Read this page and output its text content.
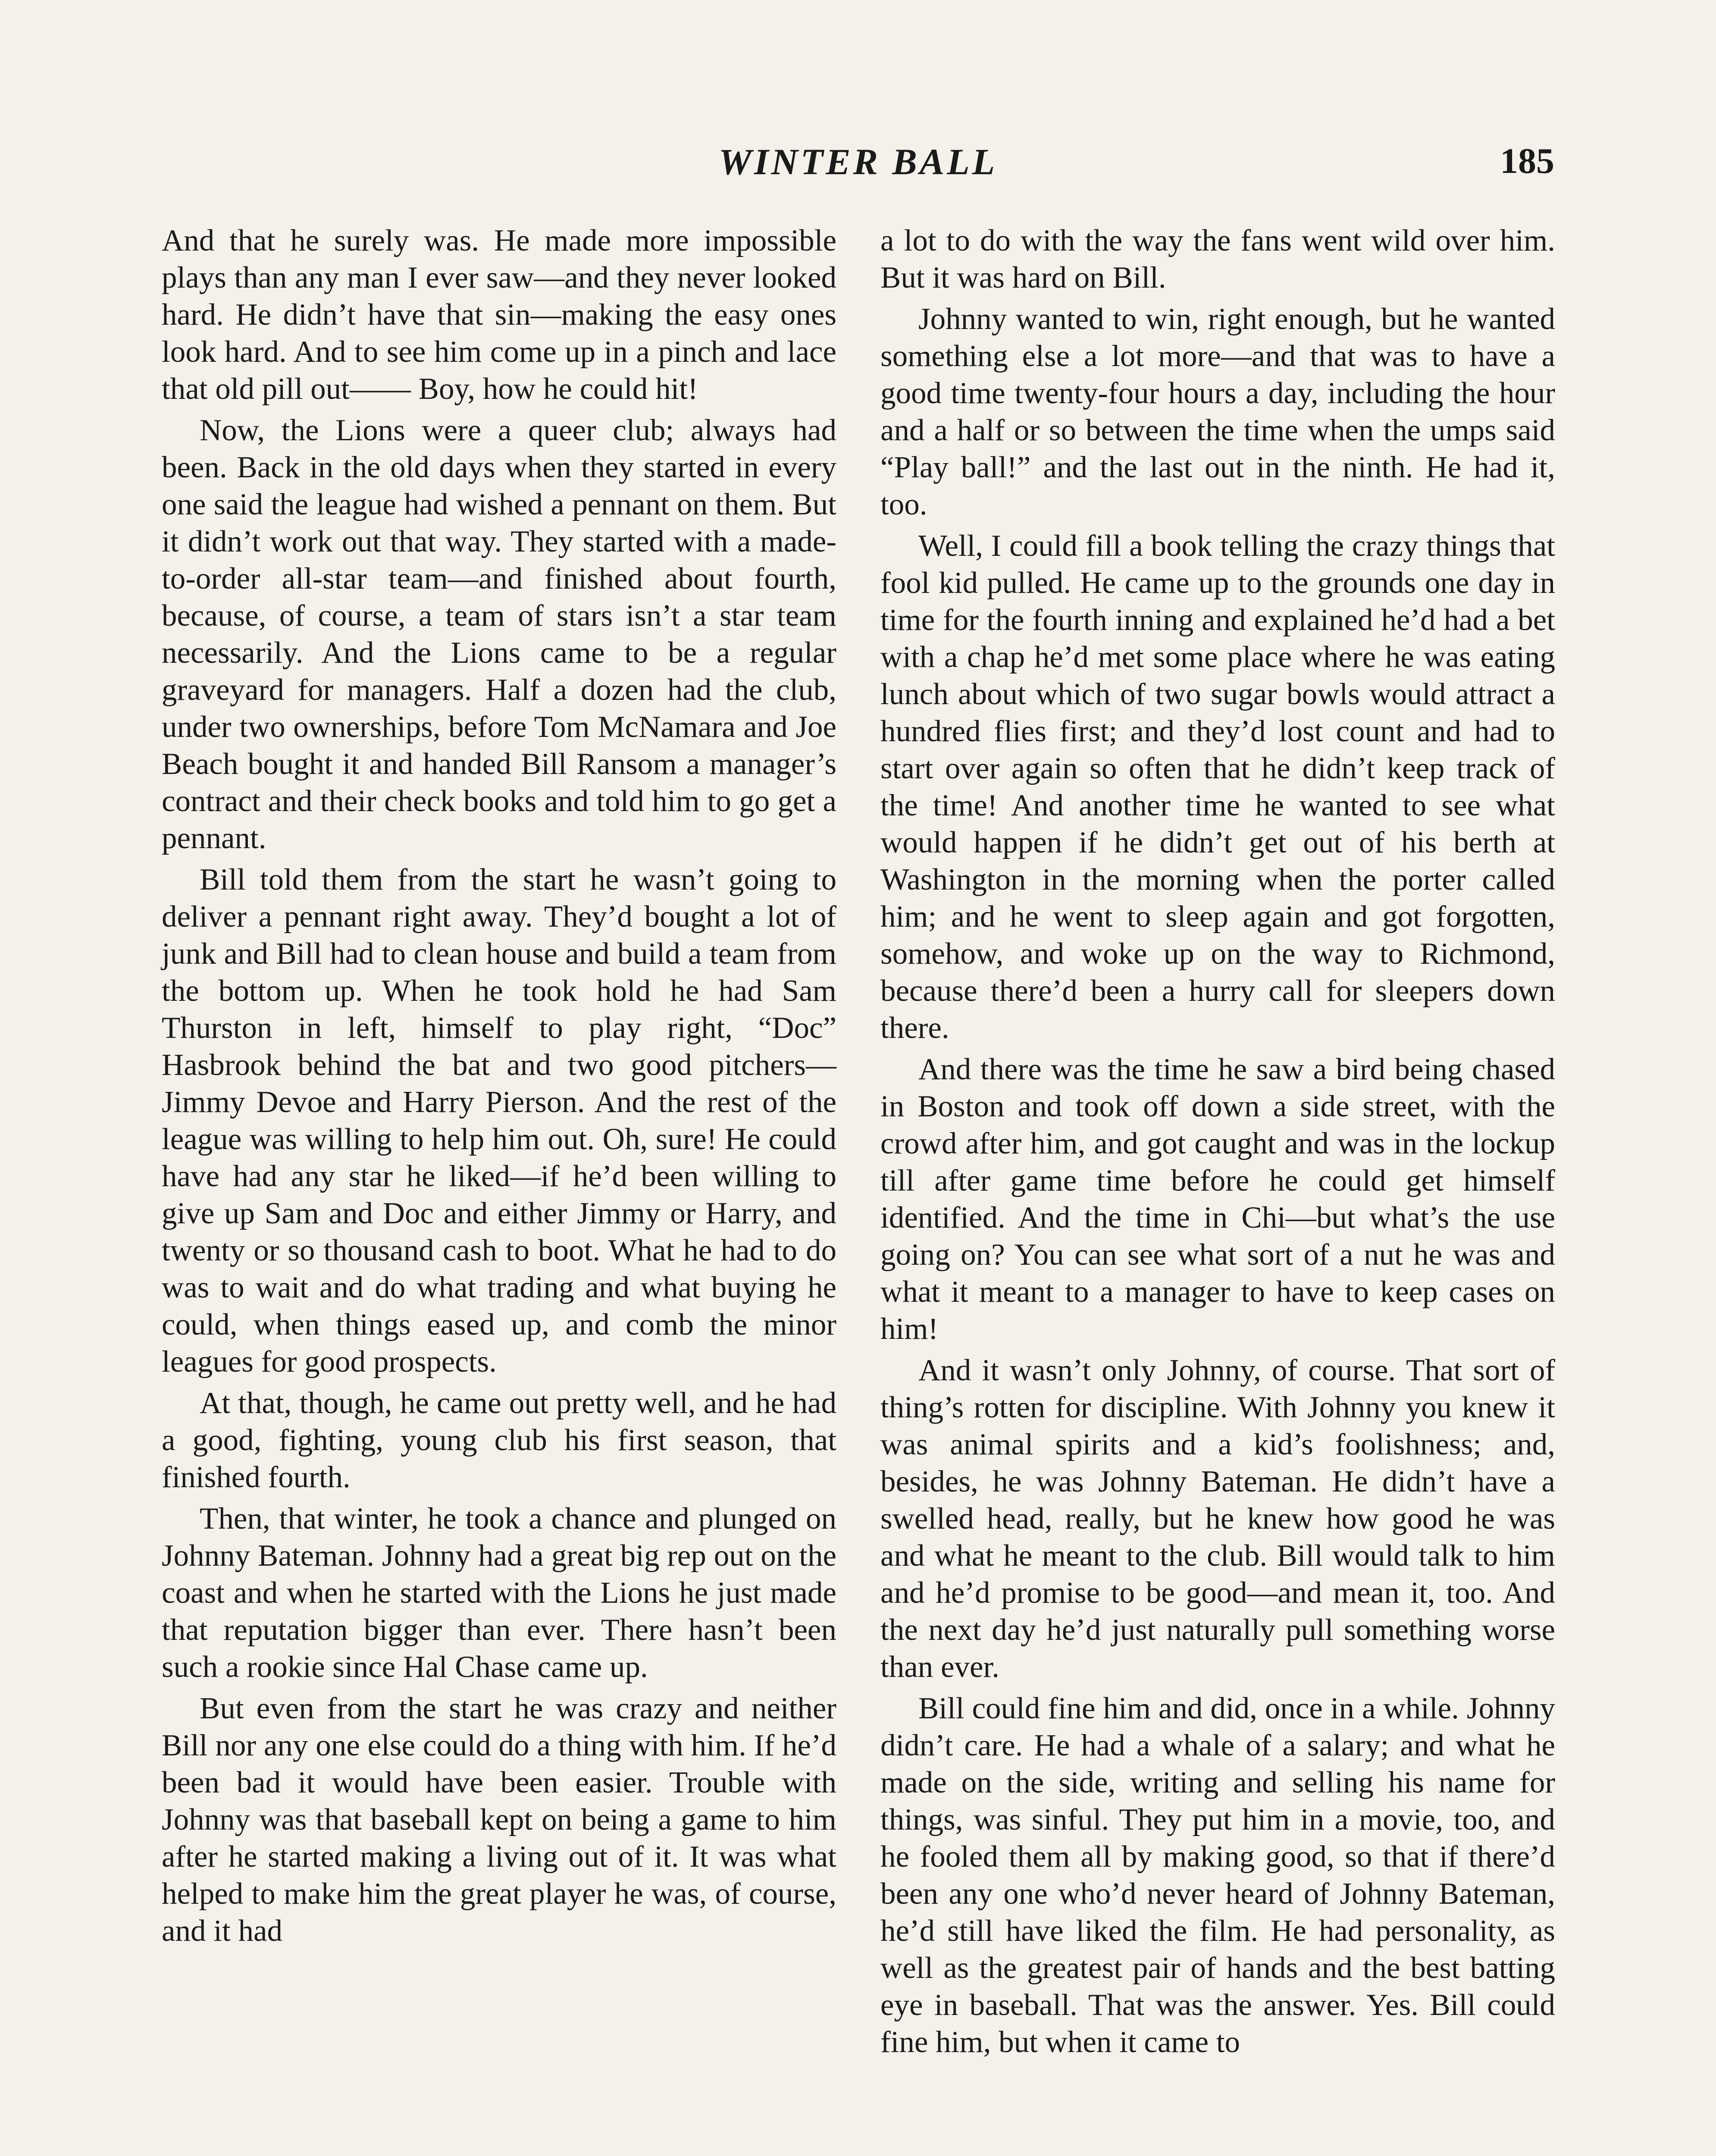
WINTER BALL	185

And that he surely was. He made more impossible plays than any man I ever saw—and they never looked hard. He didn’t have that sin—making the easy ones look hard. And to see him come up in a pinch and lace that old pill out—— Boy, how he could hit!

Now, the Lions were a queer club; always had been. Back in the old days when they started in every one said the league had wished a pennant on them. But it didn’t work out that way. They started with a made-to-order all-star team—and finished about fourth, because, of course, a team of stars isn’t a star team necessarily. And the Lions came to be a regular graveyard for managers. Half a dozen had the club, under two ownerships, before Tom McNamara and Joe Beach bought it and handed Bill Ransom a manager’s contract and their check books and told him to go get a pennant.

Bill told them from the start he wasn’t going to deliver a pennant right away. They’d bought a lot of junk and Bill had to clean house and build a team from the bottom up. When he took hold he had Sam Thurston in left, himself to play right, “Doc” Hasbrook behind the bat and two good pitchers—Jimmy Devoe and Harry Pierson. And the rest of the league was willing to help him out. Oh, sure! He could have had any star he liked—if he’d been willing to give up Sam and Doc and either Jimmy or Harry, and twenty or so thousand cash to boot. What he had to do was to wait and do what trading and what buying he could, when things eased up, and comb the minor leagues for good prospects.

At that, though, he came out pretty well, and he had a good, fighting, young club his first season, that finished fourth.

Then, that winter, he took a chance and plunged on Johnny Bateman. Johnny had a great big rep out on the coast and when he started with the Lions he just made that reputation bigger than ever. There hasn’t been such a rookie since Hal Chase came up.

But even from the start he was crazy and neither Bill nor any one else could do a thing with him. If he’d been bad it would have been easier. Trouble with Johnny was that baseball kept on being a game to him after he started making a living out of it. It was what helped to make him the great player he was, of course, and it had

a lot to do with the way the fans went wild over him. But it was hard on Bill.

Johnny wanted to win, right enough, but he wanted something else a lot more—and that was to have a good time twenty-four hours a day, including the hour and a half or so between the time when the umps said “Play ball!” and the last out in the ninth. He had it, too.

Well, I could fill a book telling the crazy things that fool kid pulled. He came up to the grounds one day in time for the fourth inning and explained he’d had a bet with a chap he’d met some place where he was eating lunch about which of two sugar bowls would attract a hundred flies first; and they’d lost count and had to start over again so often that he didn’t keep track of the time! And another time he wanted to see what would happen if he didn’t get out of his berth at Washington in the morning when the porter called him; and he went to sleep again and got forgotten, somehow, and woke up on the way to Richmond, because there’d been a hurry call for sleepers down there.

And there was the time he saw a bird being chased in Boston and took off down a side street, with the crowd after him, and got caught and was in the lockup till after game time before he could get himself identified. And the time in Chi—but what’s the use going on? You can see what sort of a nut he was and what it meant to a manager to have to keep cases on him!

And it wasn’t only Johnny, of course. That sort of thing’s rotten for discipline. With Johnny you knew it was animal spirits and a kid’s foolishness; and, besides, he was Johnny Bateman. He didn’t have a swelled head, really, but he knew how good he was and what he meant to the club. Bill would talk to him and he’d promise to be good—and mean it, too. And the next day he’d just naturally pull something worse than ever.

Bill could fine him and did, once in a while. Johnny didn’t care. He had a whale of a salary; and what he made on the side, writing and selling his name for things, was sinful. They put him in a movie, too, and he fooled them all by making good, so that if there’d been any one who’d never heard of Johnny Bateman, he’d still have liked the film. He had personality, as well as the greatest pair of hands and the best batting eye in baseball. That was the answer. Yes. Bill could fine him, but when it came to
